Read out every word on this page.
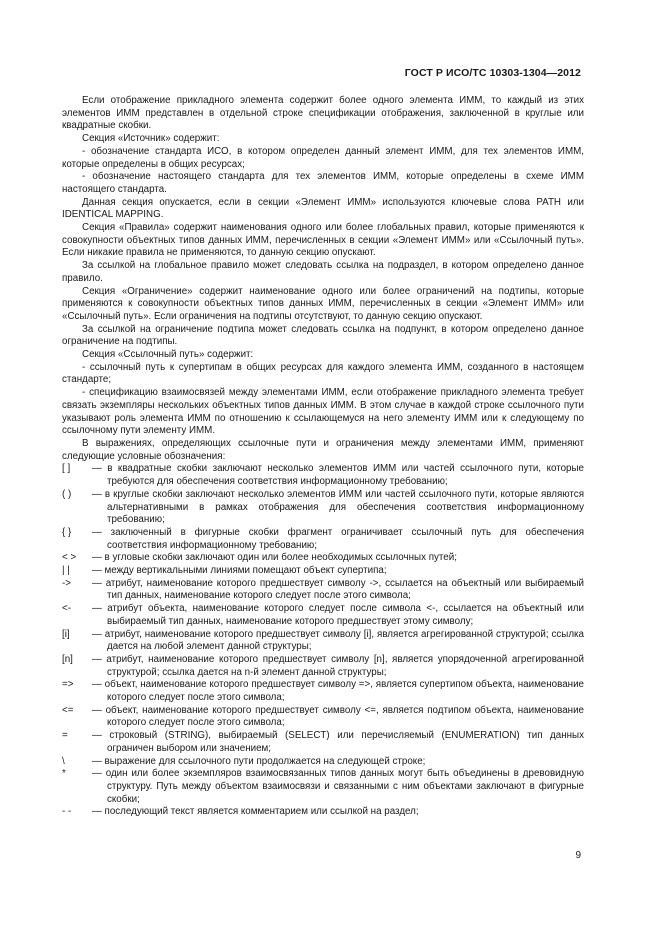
ГОСТ Р ИСО/ТС 10303-1304—2012

Если отображение прикладного элемента содержит более одного элемента ИММ, то каждый из этих элементов ИММ представлен в отдельной строке спецификации отображения, заключенной в круглые или квадратные скобки.

Секция «Источник» содержит:

- обозначение стандарта ИСО, в котором определен данный элемент ИММ, для тех элементов ИММ, которые определены в общих ресурсах;

- обозначение настоящего стандарта для тех элементов ИММ, которые определены в схеме ИММ настоящего стандарта.

Данная секция опускается, если в секции «Элемент ИММ» используются ключевые слова PATH или IDENTICAL MAPPING.

Секция «Правила» содержит наименования одного или более глобальных правил, которые применяются к совокупности объектных типов данных ИММ, перечисленных в секции «Элемент ИММ» или «Ссылочный путь». Если никакие правила не применяются, то данную секцию опускают.

За ссылкой на глобальное правило может следовать ссылка на подраздел, в котором определено данное правило.

Секция «Ограничение» содержит наименование одного или более ограничений на подтипы, которые применяются к совокупности объектных типов данных ИММ, перечисленных в секции «Элемент ИММ» или «Ссылочный путь». Если ограничения на подтипы отсутствуют, то данную секцию опускают.

За ссылкой на ограничение подтипа может следовать ссылка на подпункт, в котором определено данное ограничение на подтипы.

Секция «Ссылочный путь» содержит:

- ссылочный путь к супертипам в общих ресурсах для каждого элемента ИММ, созданного в настоящем стандарте;

- спецификацию взаимосвязей между элементами ИММ, если отображение прикладного элемента требует связать экземпляры нескольких объектных типов данных ИММ. В этом случае в каждой строке ссылочного пути указывают роль элемента ИММ по отношению к ссылающемуся на него элементу ИММ или к следующему по ссылочному пути элементу ИММ.

В выражениях, определяющих ссылочные пути и ограничения между элементами ИММ, применяют следующие условные обозначения:

[ ]	— в квадратные скобки заключают несколько элементов ИММ или частей ссылочного пути, которые требуются для обеспечения соответствия информационному требованию;
( )	— в круглые скобки заключают несколько элементов ИММ или частей ссылочного пути, которые являются альтернативными в рамках отображения для обеспечения соответствия информационному требованию;
{ }	— заключенный в фигурные скобки фрагмент ограничивает ссылочный путь для обеспечения соответствия информационному требованию;
< >	— в угловые скобки заключают один или более необходимых ссылочных путей;
| |	— между вертикальными линиями помещают объект супертипа;
->	— атрибут, наименование которого предшествует символу ->, ссылается на объектный или выбираемый тип данных, наименование которого следует после этого символа;
<-	— атрибут объекта, наименование которого следует после символа <-, ссылается на объектный или выбираемый тип данных, наименование которого предшествует этому символу;
[i]	— атрибут, наименование которого предшествует символу [i], является агрегированной структурой; ссылка дается на любой элемент данной структуры;
[n]	— атрибут, наименование которого предшествует символу [n], является упорядоченной агрегированной структурой; ссылка дается на n-й элемент данной структуры;
=>	— объект, наименование которого предшествует символу =>, является супертипом объекта, наименование которого следует после этого символа;
<=	— объект, наименование которого предшествует символу <=, является подтипом объекта, наименование которого следует после этого символа;
=	— строковый (STRING), выбираемый (SELECT) или перечисляемый (ENUMERATION) тип данных ограничен выбором или значением;
\	— выражение для ссылочного пути продолжается на следующей строке;
*	— один или более экземпляров взаимосвязанных типов данных могут быть объединены в древовидную структуру. Путь между объектом взаимосвязи и связанными с ним объектами заключают в фигурные скобки;
- -	— последующий текст является комментарием или ссылкой на раздел;
9
